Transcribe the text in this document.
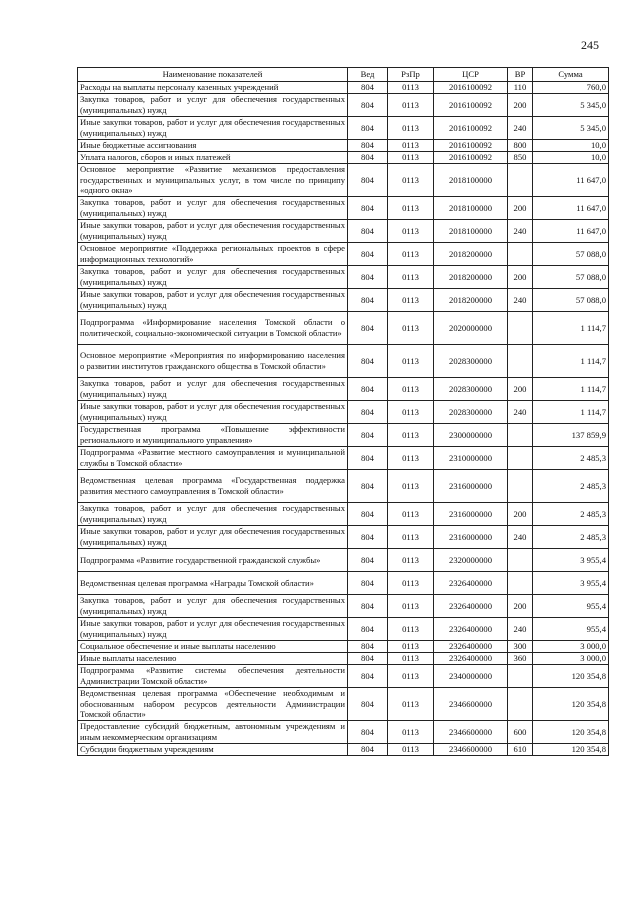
245
Наименование показателей	Вед	РзПр	ЦСР	ВР	Сумма
Расходы на выплаты персоналу казенных учреждений	804	0113	2016100092	110	760,0
Закупка товаров, работ и услуг для обеспечения государственных (муниципальных) нужд	804	0113	2016100092	200	5 345,0
Иные закупки товаров, работ и услуг для обеспечения государственных (муниципальных) нужд	804	0113	2016100092	240	5 345,0
Иные бюджетные ассигнования	804	0113	2016100092	800	10,0
Уплата налогов, сборов и иных платежей	804	0113	2016100092	850	10,0
Основное мероприятие «Развитие механизмов предоставления государственных и муниципальных услуг, в том числе по принципу «одного окна»	804	0113	2018100000		11 647,0
Закупка товаров, работ и услуг для обеспечения государственных (муниципальных) нужд	804	0113	2018100000	200	11 647,0
Иные закупки товаров, работ и услуг для обеспечения государственных (муниципальных) нужд	804	0113	2018100000	240	11 647,0
Основное мероприятие «Поддержка региональных проектов в сфере информационных технологий»	804	0113	2018200000		57 088,0
Закупка товаров, работ и услуг для обеспечения государственных (муниципальных) нужд	804	0113	2018200000	200	57 088,0
Иные закупки товаров, работ и услуг для обеспечения государственных (муниципальных) нужд	804	0113	2018200000	240	57 088,0
Подпрограмма «Информирование населения Томской области о политической, социально-экономической ситуации в Томской области»	804	0113	2020000000		1 114,7
Основное мероприятие «Мероприятия по информированию населения о развитии институтов гражданского общества в Томской области»	804	0113	2028300000		1 114,7
Закупка товаров, работ и услуг для обеспечения государственных (муниципальных) нужд	804	0113	2028300000	200	1 114,7
Иные закупки товаров, работ и услуг для обеспечения государственных (муниципальных) нужд	804	0113	2028300000	240	1 114,7
Государственная программа «Повышение эффективности регионального и муниципального управления»	804	0113	2300000000		137 859,9
Подпрограмма «Развитие местного самоуправления и муниципальной службы в Томской области»	804	0113	2310000000		2 485,3
Ведомственная целевая программа «Государственная поддержка развития местного самоуправления в Томской области»	804	0113	2316000000		2 485,3
Закупка товаров, работ и услуг для обеспечения государственных (муниципальных) нужд	804	0113	2316000000	200	2 485,3
Иные закупки товаров, работ и услуг для обеспечения государственных (муниципальных) нужд	804	0113	2316000000	240	2 485,3
Подпрограмма «Развитие государственной гражданской службы»	804	0113	2320000000		3 955,4
Ведомственная целевая программа «Награды Томской области»	804	0113	2326400000		3 955,4
Закупка товаров, работ и услуг для обеспечения государственных (муниципальных) нужд	804	0113	2326400000	200	955,4
Иные закупки товаров, работ и услуг для обеспечения государственных (муниципальных) нужд	804	0113	2326400000	240	955,4
Социальное обеспечение и иные выплаты населению	804	0113	2326400000	300	3 000,0
Иные выплаты населению	804	0113	2326400000	360	3 000,0
Подпрограмма «Развитие системы обеспечения деятельности Администрации Томской области»	804	0113	2340000000		120 354,8
Ведомственная целевая программа «Обеспечение необходимым и обоснованным набором ресурсов деятельности Администрации Томской области»	804	0113	2346600000		120 354,8
Предоставление субсидий бюджетным, автономным учреждениям и иным некоммерческим организациям	804	0113	2346600000	600	120 354,8
Субсидии бюджетным учреждениям	804	0113	2346600000	610	120 354,8
